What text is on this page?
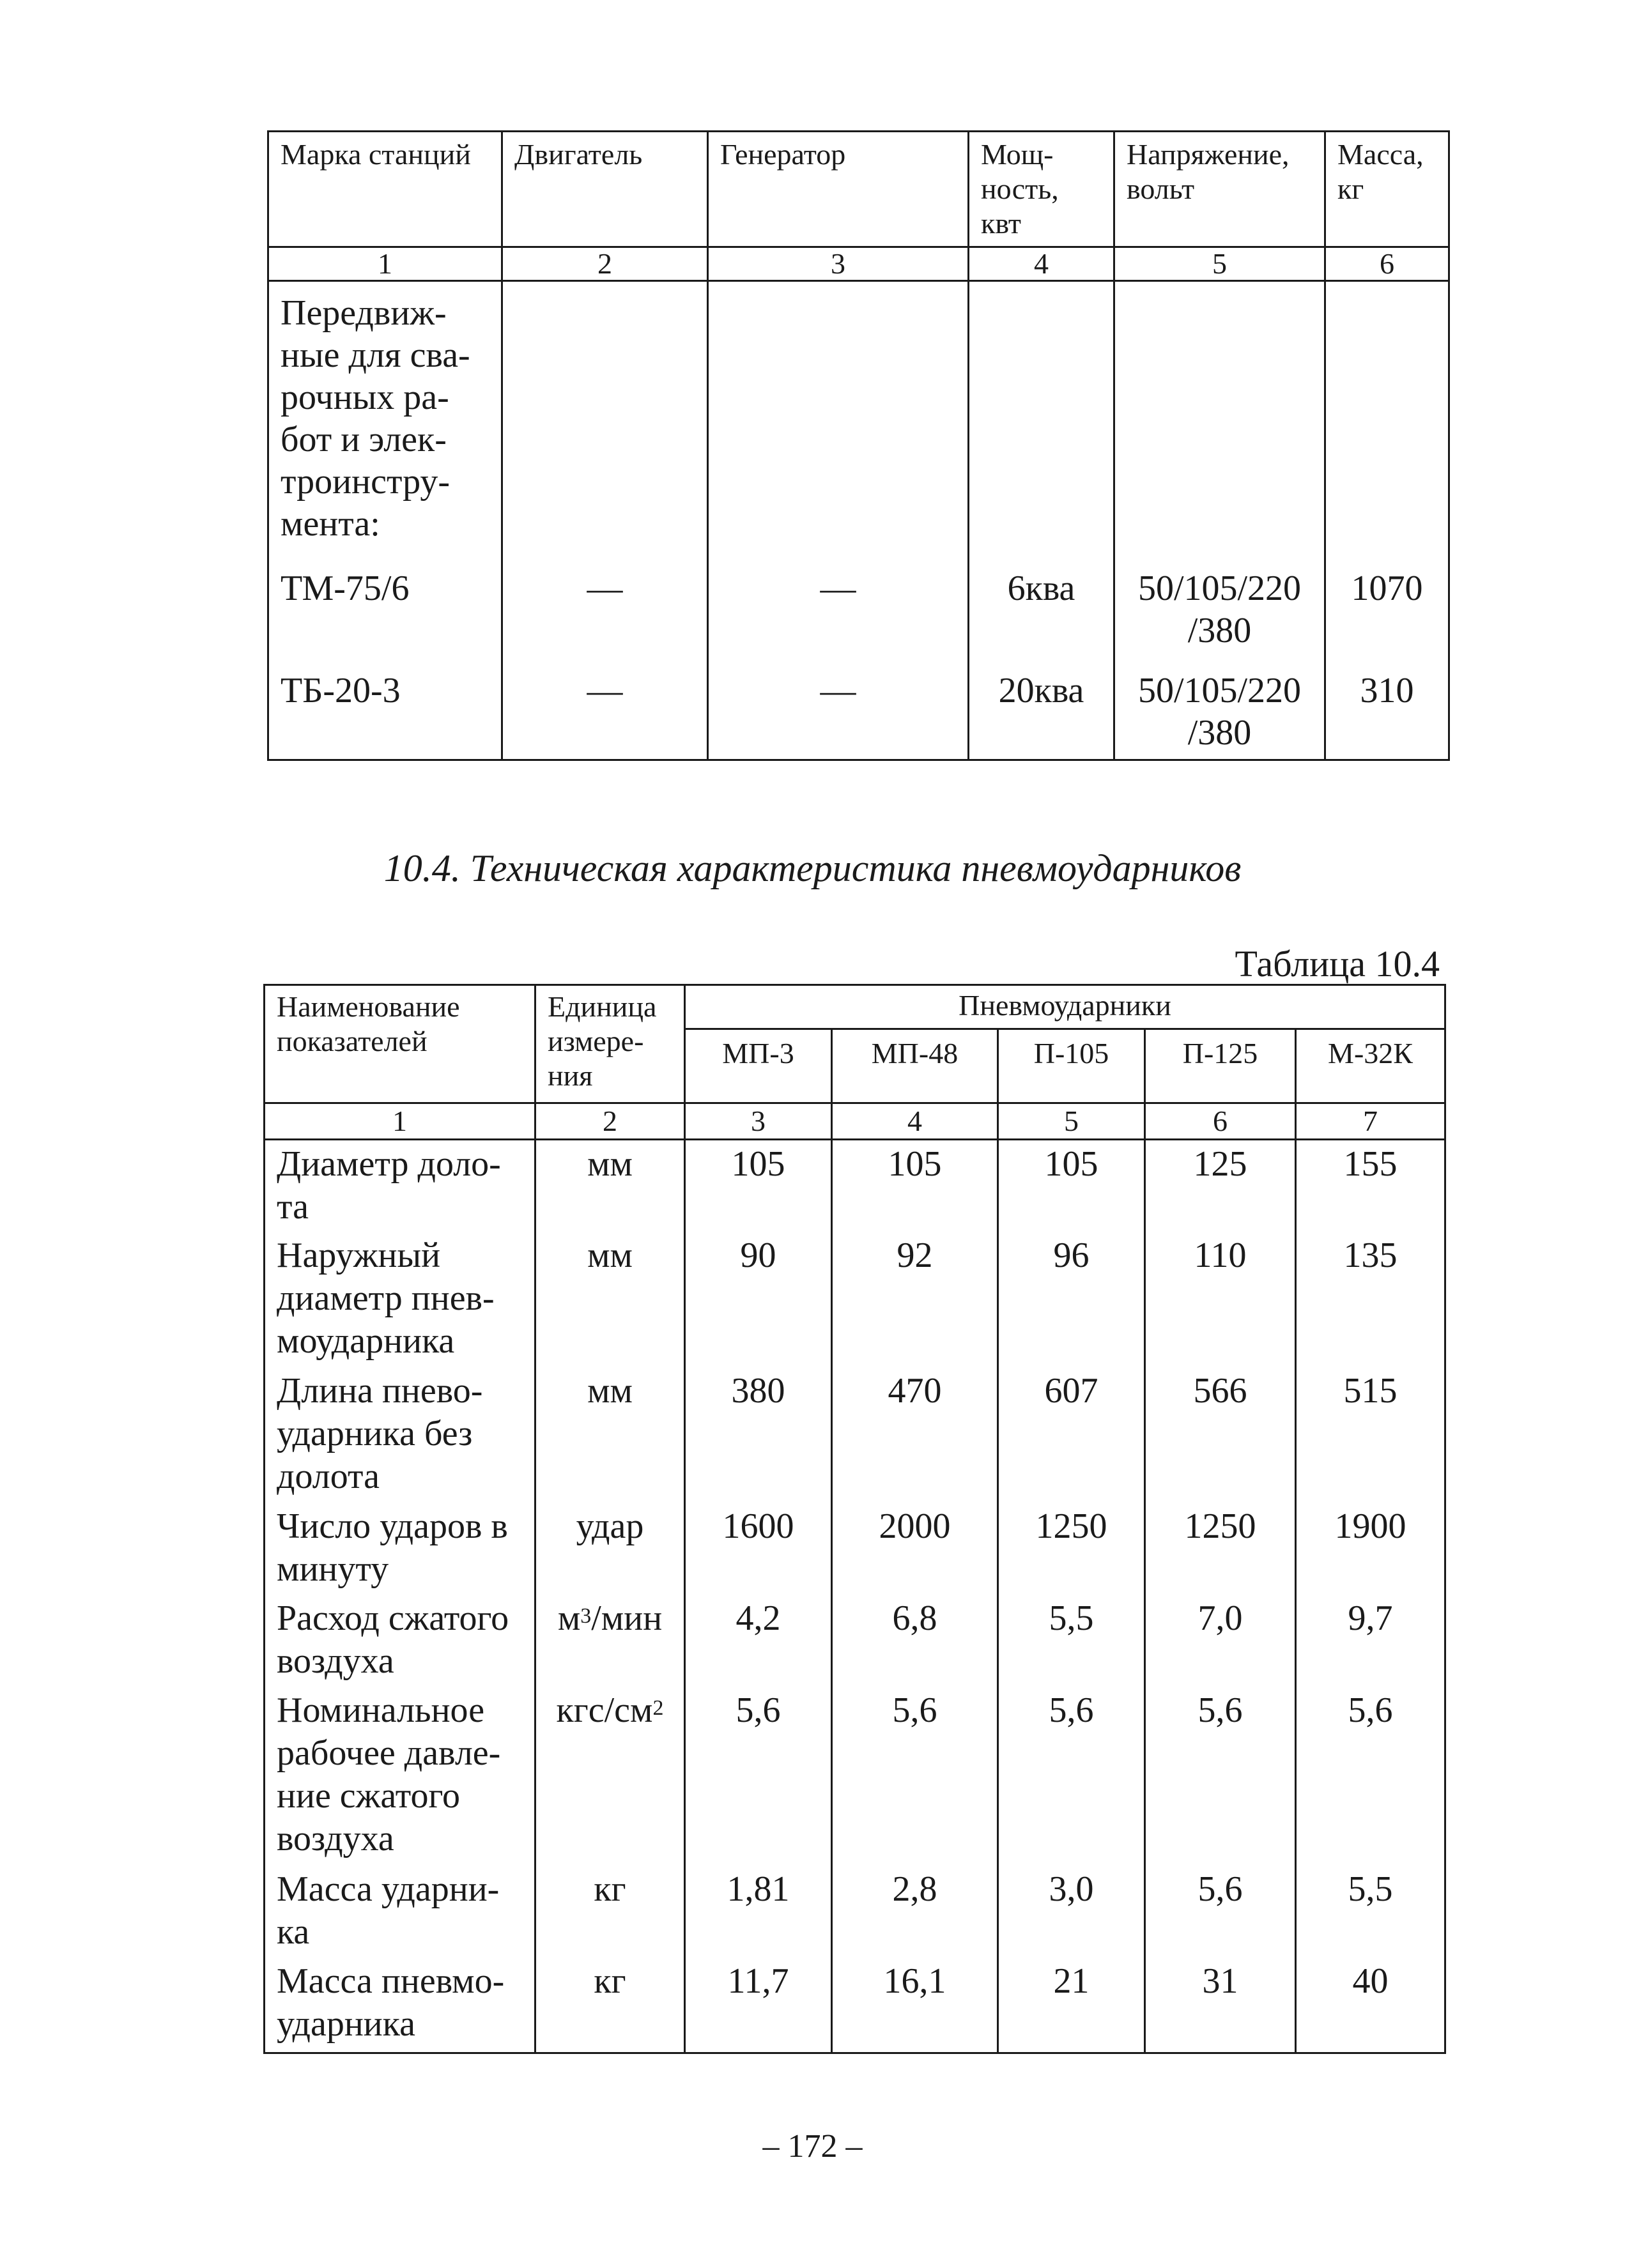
Марка станций	Двигатель	Генератор	Мощ-ность, квт	Напряжение, вольт	Масса, кг
1	2	3	4	5	6
Передвиж-ные для сва-рочных ра-бот и элек-троинстру-мента:					
ТМ-75/6	—	—	6ква	50/105/220 /380	1070
ТБ-20-3	—	—	20ква	50/105/220 /380	310
10.4. Техническая характеристика пневмоударников
Таблица 10.4
Наименование показателей	Единица измере-ния	Пневмоударники				
		МП-3	МП-48	П-105	П-125	М-32К
1	2	3	4	5	6	7
Диаметр доло-та	мм	105	105	105	125	155
Наружный диаметр пнев-моударника	мм	90	92	96	110	135
Длина пнево-ударника без долота	мм	380	470	607	566	515
Число ударов в минуту	удар	1600	2000	1250	1250	1900
Расход сжатого воздуха	$м^3$/мин	4,2	6,8	5,5	7,0	9,7
Номинальное рабочее давле-ние сжатого воздуха	кгс/$см^2$	5,6	5,6	5,6	5,6	5,6
Масса ударни-ка	кг	1,81	2,8	3,0	5,6	5,5
Масса пневмо-ударника	кг	11,7	16,1	21	31	40
– 172 –
